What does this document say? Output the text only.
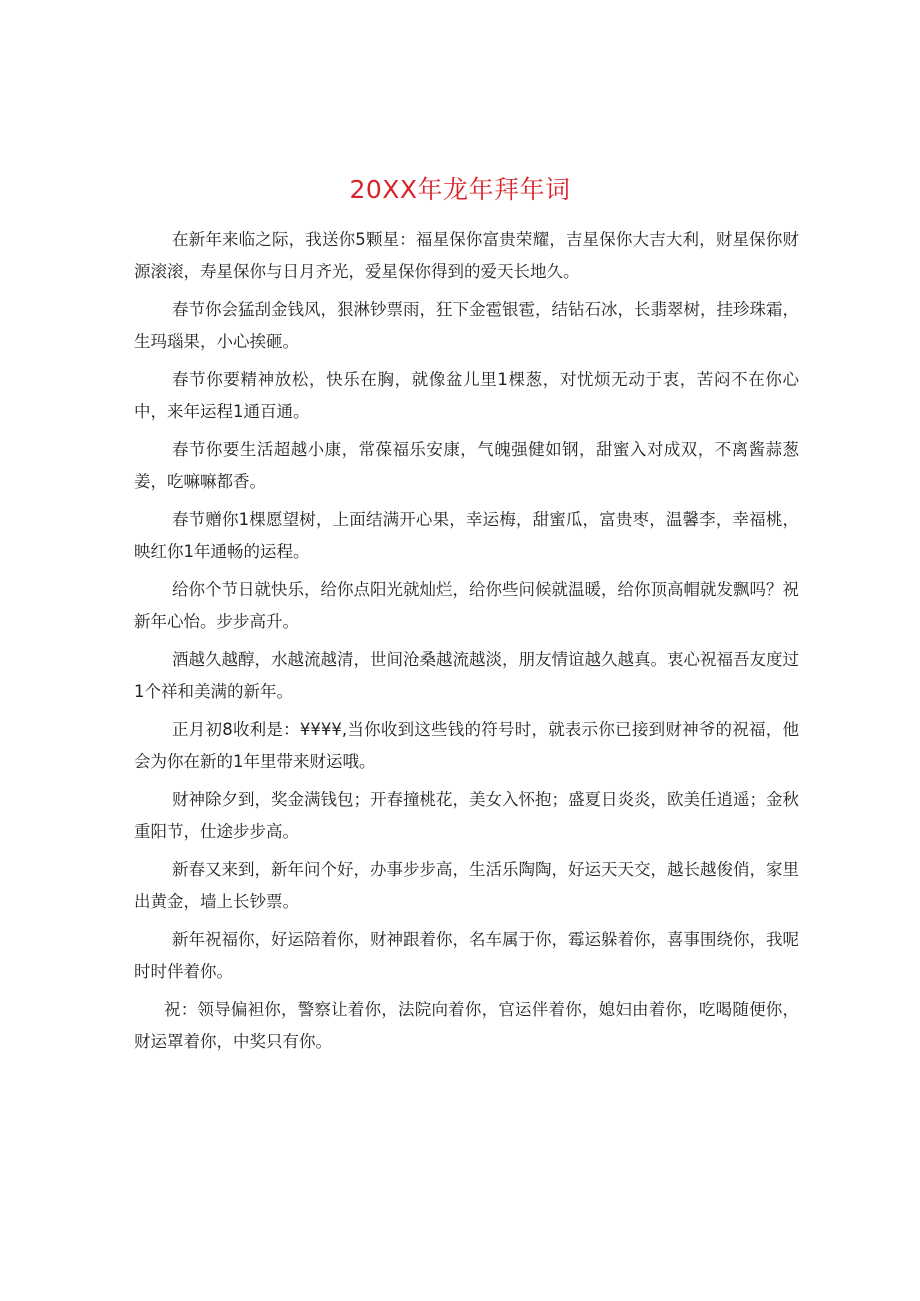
20XX年龙年拜年词

在新年来临之际，我送你5颗星：福星保你富贵荣耀，吉星保你大吉大利，财星保你财源滚滚，寿星保你与日月齐光，爱星保你得到的爱天长地久。

春节你会猛刮金钱风，狠淋钞票雨，狂下金雹银雹，结钻石冰，长翡翠树，挂珍珠霜，生玛瑙果，小心挨砸。

春节你要精神放松，快乐在胸，就像盆儿里1棵葱，对忧烦无动于衷，苦闷不在你心中，来年运程1通百通。

春节你要生活超越小康，常葆福乐安康，气魄强健如钢，甜蜜入对成双，不离酱蒜葱姜，吃嘛嘛都香。

春节赠你1棵愿望树，上面结满开心果，幸运梅，甜蜜瓜，富贵枣，温馨李，幸福桃，映红你1年通畅的运程。

给你个节日就快乐，给你点阳光就灿烂，给你些问候就温暖，给你顶高帽就发飘吗？祝新年心怡。步步高升。

酒越久越醇，水越流越清，世间沧桑越流越淡，朋友情谊越久越真。衷心祝福吾友度过1个祥和美满的新年。

正月初8收利是：¥¥¥¥,当你收到这些钱的符号时，就表示你已接到财神爷的祝福，他会为你在新的1年里带来财运哦。

财神除夕到，奖金满钱包；开春撞桃花，美女入怀抱；盛夏日炎炎，欧美任逍遥；金秋重阳节，仕途步步高。

新春又来到，新年问个好，办事步步高，生活乐陶陶，好运天天交，越长越俊俏，家里出黄金，墙上长钞票。

新年祝福你，好运陪着你，财神跟着你，名车属于你，霉运躲着你，喜事围绕你，我呢时时伴着你。

祝：领导偏袒你，警察让着你，法院向着你，官运伴着你，媳妇由着你，吃喝随便你，财运罩着你，中奖只有你。
